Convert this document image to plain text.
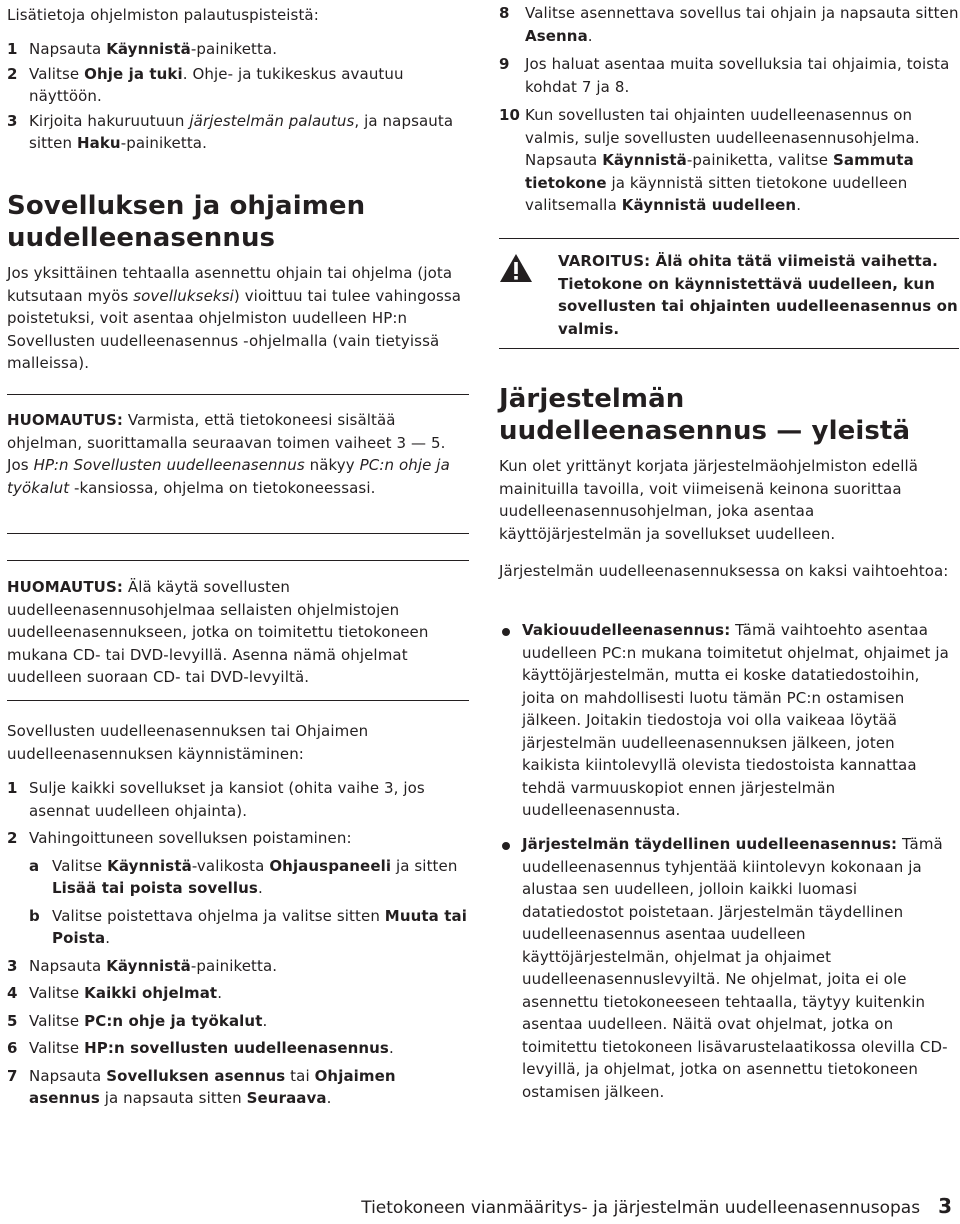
Lisätietoja ohjelmiston palautuspisteistä:

1 Napsauta Käynnistä-painiketta.
2 Valitse Ohje ja tuki. Ohje- ja tukikeskus avautuu näyttöön.
3 Kirjoita hakuruutuun järjestelmän palautus, ja napsauta sitten Haku-painiketta.
Sovelluksen ja ohjaimen uudelleenasennus

Jos yksittäinen tehtaalla asennettu ohjain tai ohjelma (jota kutsutaan myös sovellukseksi) vioittuu tai tulee vahingossa poistetuksi, voit asentaa ohjelmiston uudelleen HP:n Sovellusten uudelleenasennus -ohjelmalla (vain tietyissä malleissa).

HUOMAUTUS: Varmista, että tietokoneesi sisältää ohjelman, suorittamalla seuraavan toimen vaiheet 3 — 5. Jos HP:n Sovellusten uudelleenasennus näkyy PC:n ohje ja työkalut -kansiossa, ohjelma on tietokoneessasi.

HUOMAUTUS: Älä käytä sovellusten uudelleenasennusohjelmaa sellaisten ohjelmistojen uudelleenasennukseen, jotka on toimitettu tietokoneen mukana CD- tai DVD-levyillä. Asenna nämä ohjelmat uudelleen suoraan CD- tai DVD-levyiltä.

Sovellusten uudelleenasennuksen tai Ohjaimen uudelleenasennuksen käynnistäminen:

1 Sulje kaikki sovellukset ja kansiot (ohita vaihe 3, jos asennat uudelleen ohjainta).
2 Vahingoittuneen sovelluksen poistaminen:
a Valitse Käynnistä-valikosta Ohjauspaneeli ja sitten Lisää tai poista sovellus.
b Valitse poistettava ohjelma ja valitse sitten Muuta tai Poista.
3 Napsauta Käynnistä-painiketta.
4 Valitse Kaikki ohjelmat.
5 Valitse PC:n ohje ja työkalut.
6 Valitse HP:n sovellusten uudelleenasennus.
7 Napsauta Sovelluksen asennus tai Ohjaimen asennus ja napsauta sitten Seuraava.
8 Valitse asennettava sovellus tai ohjain ja napsauta sitten Asenna.
9 Jos haluat asentaa muita sovelluksia tai ohjaimia, toista kohdat 7 ja 8.
10 Kun sovellusten tai ohjainten uudelleenasennus on valmis, sulje sovellusten uudelleenasennusohjelma. Napsauta Käynnistä-painiketta, valitse Sammuta tietokone ja käynnistä sitten tietokone uudelleen valitsemalla Käynnistä uudelleen.
VAROITUS: Älä ohita tätä viimeistä vaihetta. Tietokone on käynnistettävä uudelleen, kun sovellusten tai ohjainten uudelleenasennus on valmis.
Järjestelmän uudelleenasennus — yleistä

Kun olet yrittänyt korjata järjestelmäohjelmiston edellä mainituilla tavoilla, voit viimeisenä keinona suorittaa uudelleenasennusohjelman, joka asentaa käyttöjärjestelmän ja sovellukset uudelleen.

Järjestelmän uudelleenasennuksessa on kaksi vaihtoehtoa:

Vakiouudelleenasennus: Tämä vaihtoehto asentaa uudelleen PC:n mukana toimitetut ohjelmat, ohjaimet ja käyttöjärjestelmän, mutta ei koske datatiedostoihin, joita on mahdollisesti luotu tämän PC:n ostamisen jälkeen. Joitakin tiedostoja voi olla vaikeaa löytää järjestelmän uudelleenasennuksen jälkeen, joten kaikista kiintolevyllä olevista tiedostoista kannattaa tehdä varmuuskopiot ennen järjestelmän uudelleenasennusta.
Järjestelmän täydellinen uudelleenasennus: Tämä uudelleenasennus tyhjentää kiintolevyn kokonaan ja alustaa sen uudelleen, jolloin kaikki luomasi datatiedostot poistetaan. Järjestelmän täydellinen uudelleenasennus asentaa uudelleen käyttöjärjestelmän, ohjelmat ja ohjaimet uudelleenasennuslevyiltä. Ne ohjelmat, joita ei ole asennettu tietokoneeseen tehtaalla, täytyy kuitenkin asentaa uudelleen. Näitä ovat ohjelmat, jotka on toimitettu tietokoneen lisävarustelaatikossa olevilla CD-levyillä, ja ohjelmat, jotka on asennettu tietokoneen ostamisen jälkeen.
Tietokoneen vianmääritys- ja järjestelmän uudelleenasennusopas 3
